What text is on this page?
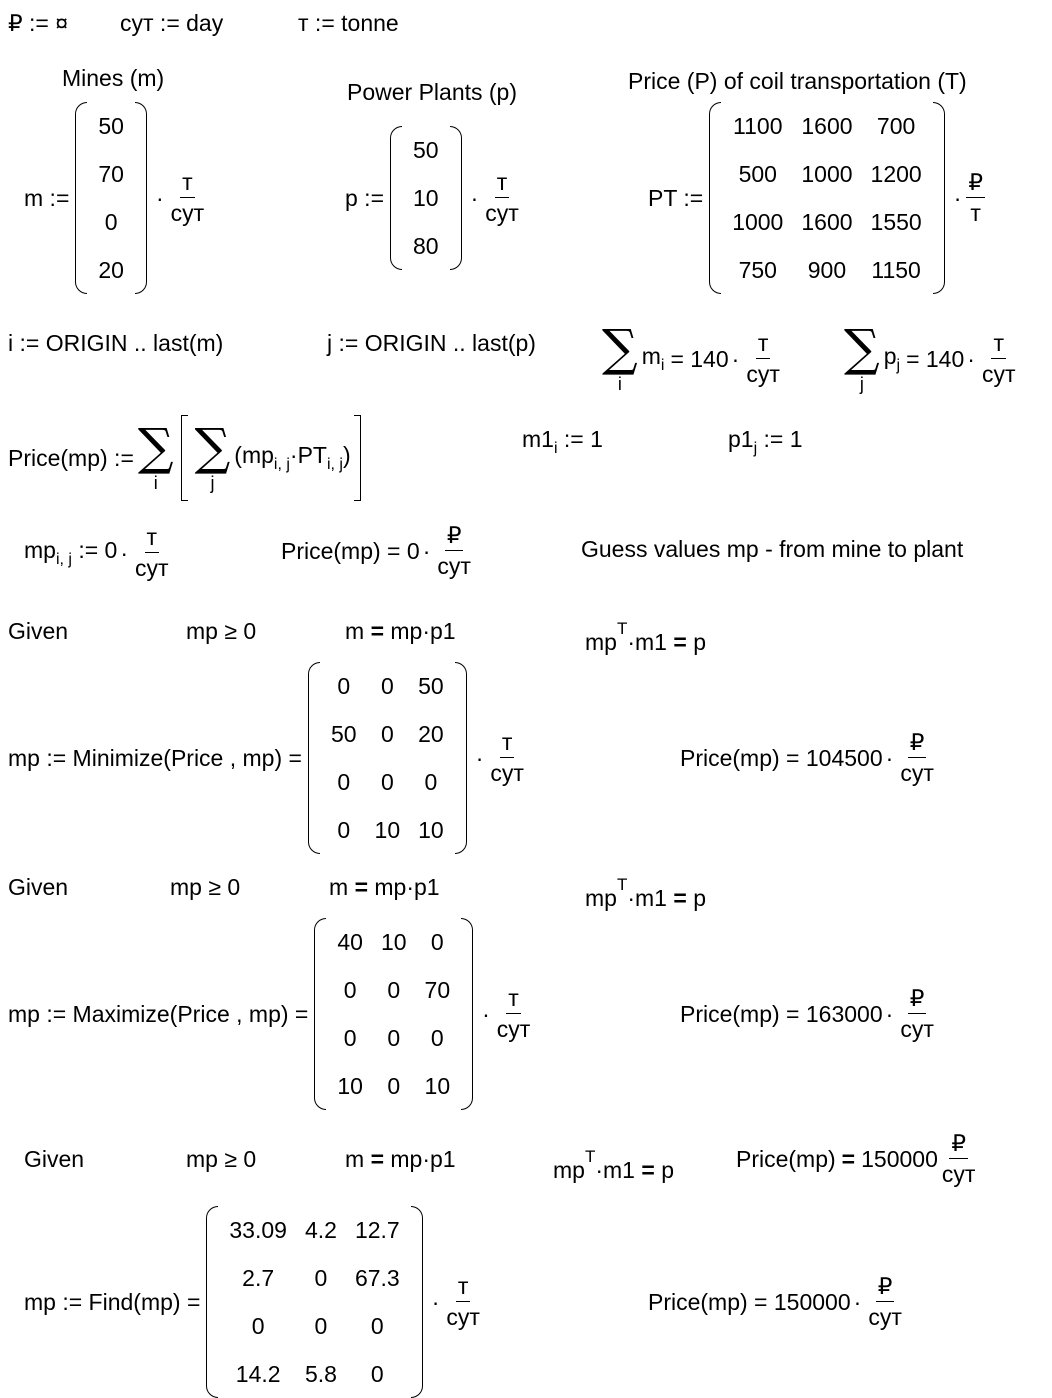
₽ := ¤ сут := day	т := tonne
Mines (m)
Power Plants (p)	Price (P) of coil transportation (T)
m :=
50
70
0
20
· $\frac{т}{\text{сут}}$	p :=
50
10
80
· $\frac{т}{\text{сут}}$	PT :=
1100	1600	700
500	1000	1200
1000	1600	1550
750	900	1150
· $\frac{₽}{т}$
i := ORIGIN .. last(m)	j := ORIGIN .. last(p) ∑
i
$m_i = 140 \cdot \frac{т}{\text{сут}}$ ∑
j
$p_j = 140 \cdot \frac{т}{\text{сут}}$
Price(mp) := ∑
i
∑
j
$(mp_{i, j}\cdot PT_{i, j})$
$m1_i$ := 1	$p1_j$ := 1
$mp_{i, j}$ := $0 \cdot \frac{т}{\text{сут}}$	Price(mp) = $0 \cdot \frac{₽}{\text{сут}}$	Guess values mp - from mine to plant
Given	mp ≥ 0	m = mp·p1	$mp^T\cdot m1 = p$
mp := Minimize(Price , mp) =
0	0	50
50	0	20
0	0	0
0	10	10
· $\frac{т}{\text{сут}}$	Price(mp) = $104500 \cdot \frac{₽}{\text{сут}}$
Given	mp ≥ 0	m = mp·p1	$mp^T\cdot m1 = p$
mp := Maximize(Price , mp) =
40	10	0
0	0	70
0	0	0
10	0	10
· $\frac{т}{\text{сут}}$	Price(mp) = $163000 \cdot \frac{₽}{\text{сут}}$
Given	mp ≥ 0	m = mp·p1	$mp^T\cdot m1 = p$	Price(mp) = $150000 \frac{₽}{\text{сут}}$
mp := Find(mp) =
33.09	4.2	12.7
2.7	0	67.3
0	0	0
14.2	5.8	0
· $\frac{т}{\text{сут}}$	Price(mp) = $150000 \cdot \frac{₽}{\text{сут}}$
